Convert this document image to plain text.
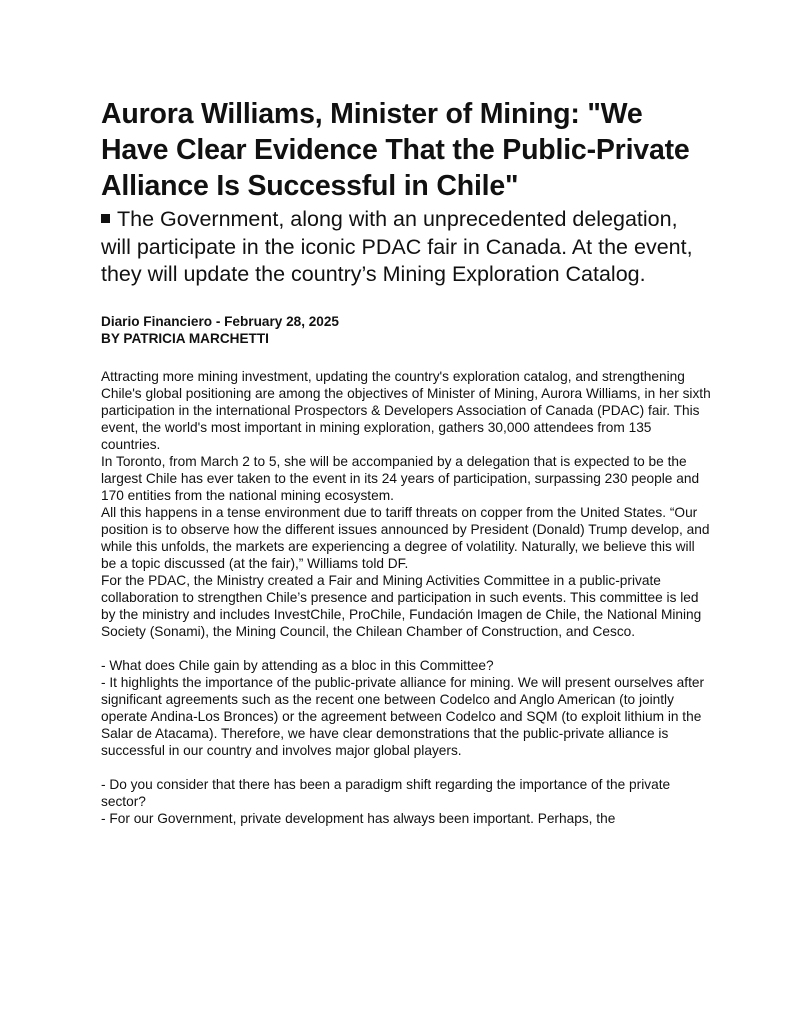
Aurora Williams, Minister of Mining: "We Have Clear Evidence That the Public-Private Alliance Is Successful in Chile"
The Government, along with an unprecedented delegation, will participate in the iconic PDAC fair in Canada. At the event, they will update the country’s Mining Exploration Catalog.
Diario Financiero - February 28, 2025
BY PATRICIA MARCHETTI

Attracting more mining investment, updating the country's exploration catalog, and strengthening Chile's global positioning are among the objectives of Minister of Mining, Aurora Williams, in her sixth participation in the international Prospectors & Developers Association of Canada (PDAC) fair. This event, the world's most important in mining exploration, gathers 30,000 attendees from 135 countries.

In Toronto, from March 2 to 5, she will be accompanied by a delegation that is expected to be the largest Chile has ever taken to the event in its 24 years of participation, surpassing 230 people and 170 entities from the national mining ecosystem.

All this happens in a tense environment due to tariff threats on copper from the United States. “Our position is to observe how the different issues announced by President (Donald) Trump develop, and while this unfolds, the markets are experiencing a degree of volatility. Naturally, we believe this will be a topic discussed (at the fair),” Williams told DF.

For the PDAC, the Ministry created a Fair and Mining Activities Committee in a public-private collaboration to strengthen Chile’s presence and participation in such events. This committee is led by the ministry and includes InvestChile, ProChile, Fundación Imagen de Chile, the National Mining Society (Sonami), the Mining Council, the Chilean Chamber of Construction, and Cesco.

- What does Chile gain by attending as a bloc in this Committee?

- It highlights the importance of the public-private alliance for mining. We will present ourselves after significant agreements such as the recent one between Codelco and Anglo American (to jointly operate Andina-Los Bronces) or the agreement between Codelco and SQM (to exploit lithium in the Salar de Atacama). Therefore, we have clear demonstrations that the public-private alliance is successful in our country and involves major global players.

- Do you consider that there has been a paradigm shift regarding the importance of the private sector?

- For our Government, private development has always been important. Perhaps, the
